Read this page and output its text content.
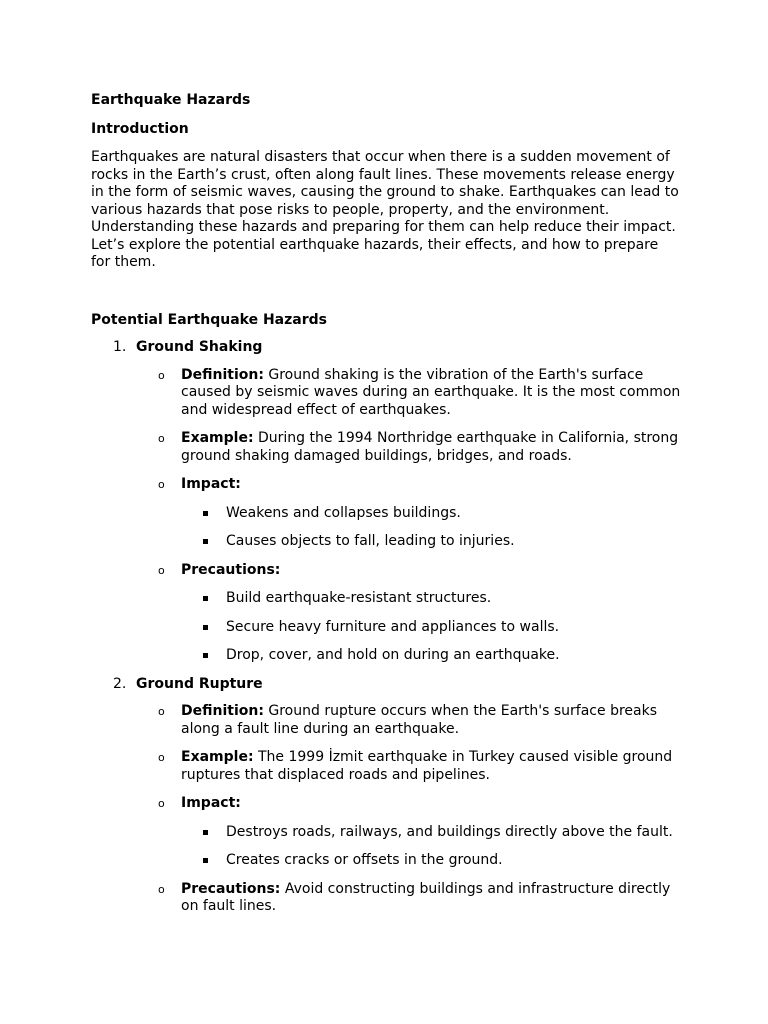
Earthquake Hazards

Introduction

Earthquakes are natural disasters that occur when there is a sudden movement of rocks in the Earth’s crust, often along fault lines. These movements release energy in the form of seismic waves, causing the ground to shake. Earthquakes can lead to various hazards that pose risks to people, property, and the environment. Understanding these hazards and preparing for them can help reduce their impact. Let’s explore the potential earthquake hazards, their effects, and how to prepare for them.

Potential Earthquake Hazards

1. Ground Shaking
o Definition: Ground shaking is the vibration of the Earth's surface caused by seismic waves during an earthquake. It is the most common and widespread effect of earthquakes.
o Example: During the 1994 Northridge earthquake in California, strong ground shaking damaged buildings, bridges, and roads.
o Impact:
Weakens and collapses buildings.
Causes objects to fall, leading to injuries.
o Precautions:
Build earthquake-resistant structures.
Secure heavy furniture and appliances to walls.
Drop, cover, and hold on during an earthquake.
2. Ground Rupture
o Definition: Ground rupture occurs when the Earth's surface breaks along a fault line during an earthquake.
o Example: The 1999 İzmit earthquake in Turkey caused visible ground ruptures that displaced roads and pipelines.
o Impact:
Destroys roads, railways, and buildings directly above the fault.
Creates cracks or offsets in the ground.
o Precautions: Avoid constructing buildings and infrastructure directly on fault lines.
